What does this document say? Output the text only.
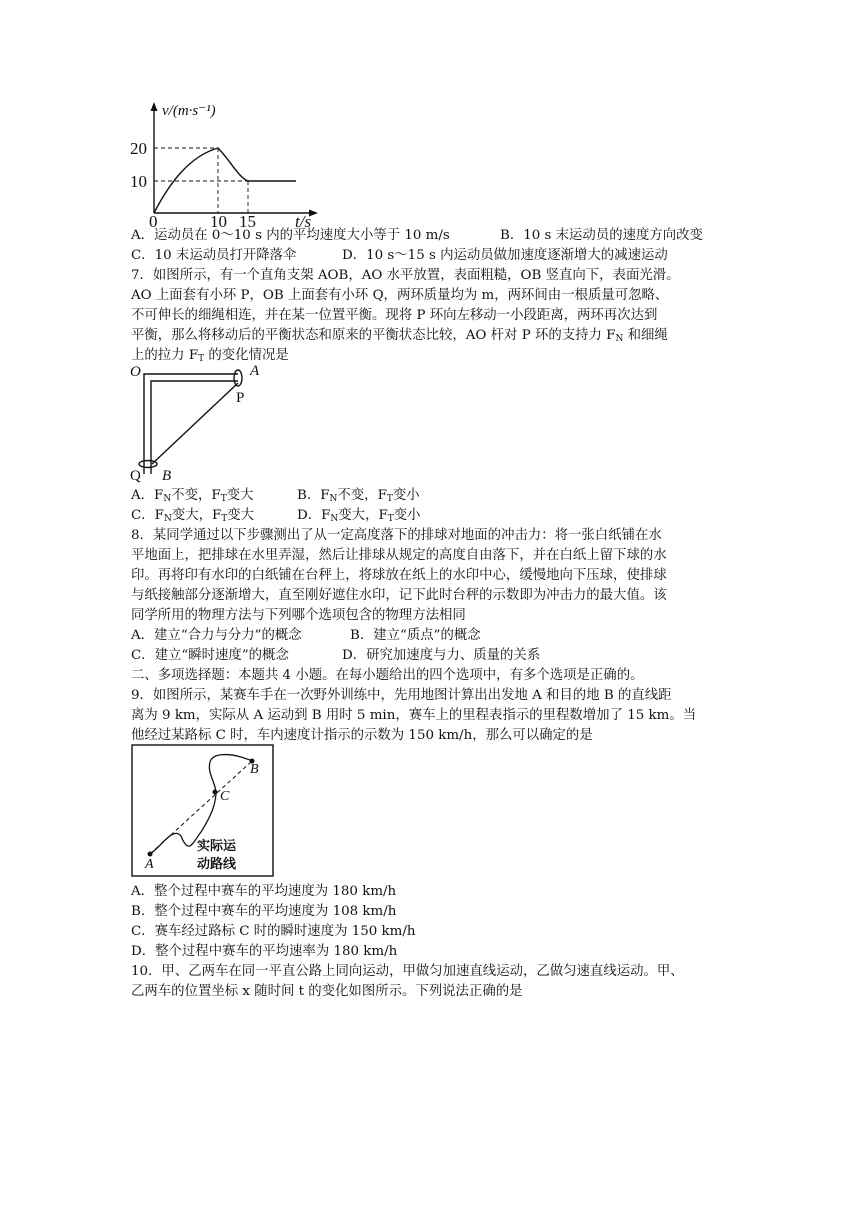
v/(m·s⁻¹)
20
10
0	10 15 t/s
A．运动员在 0～10 s 内的平均速度大小等于 10 m/s	B．10 s 末运动员的速度方向改变
C．10 末运动员打开降落伞	D．10 s～15 s 内运动员做加速度逐渐增大的减速运动
7．如图所示，有一个直角支架 AOB，AO 水平放置，表面粗糙，OB 竖直向下，表面光滑。
AO 上面套有小环 P，OB 上面套有小环 Q，两环质量均为 m，两环间由一根质量可忽略、
不可伸长的细绳相连，并在某一位置平衡。现将 P 环向左移动一小段距离，两环再次达到
平衡，那么将移动后的平衡状态和原来的平衡状态比较，AO 杆对 P 环的支持力 $F_N$ 和细绳
上的拉力 $F_T$ 的变化情况是
O	A
P
Q B
A．$F_N$不变，$F_T$变大	B．$F_N$不变，$F_T$变小
C．$F_N$变大，$F_T$变大	D．$F_N$变大，$F_T$变小
8．某同学通过以下步骤测出了从一定高度落下的排球对地面的冲击力：将一张白纸铺在水
平地面上，把排球在水里弄湿，然后让排球从规定的高度自由落下，并在白纸上留下球的水
印。再将印有水印的白纸铺在台秤上，将球放在纸上的水印中心，缓慢地向下压球，使排球
与纸接触部分逐渐增大，直至刚好遮住水印，记下此时台秤的示数即为冲击力的最大值。该
同学所用的物理方法与下列哪个选项包含的物理方法相同
A．建立“合力与分力”的概念	B．建立“质点”的概念
C．建立“瞬时速度”的概念	D．研究加速度与力、质量的关系
二、多项选择题：本题共 4 小题。在每小题给出的四个选项中，有多个选项是正确的。
9．如图所示，某赛车手在一次野外训练中，先用地图计算出出发地 A 和目的地 B 的直线距
离为 9 km，实际从 A 运动到 B 用时 5 min，赛车上的里程表指示的里程数增加了 15 km。当
他经过某路标 C 时，车内速度计指示的示数为 150 km/h，那么可以确定的是
A
B
C
实际运
动路线
A．整个过程中赛车的平均速度为 180 km/h
B．整个过程中赛车的平均速度为 108 km/h
C．赛车经过路标 C 时的瞬时速度为 150 km/h
D．整个过程中赛车的平均速率为 180 km/h
10．甲、乙两车在同一平直公路上同向运动，甲做匀加速直线运动，乙做匀速直线运动。甲、
乙两车的位置坐标 x 随时间 t 的变化如图所示。下列说法正确的是
